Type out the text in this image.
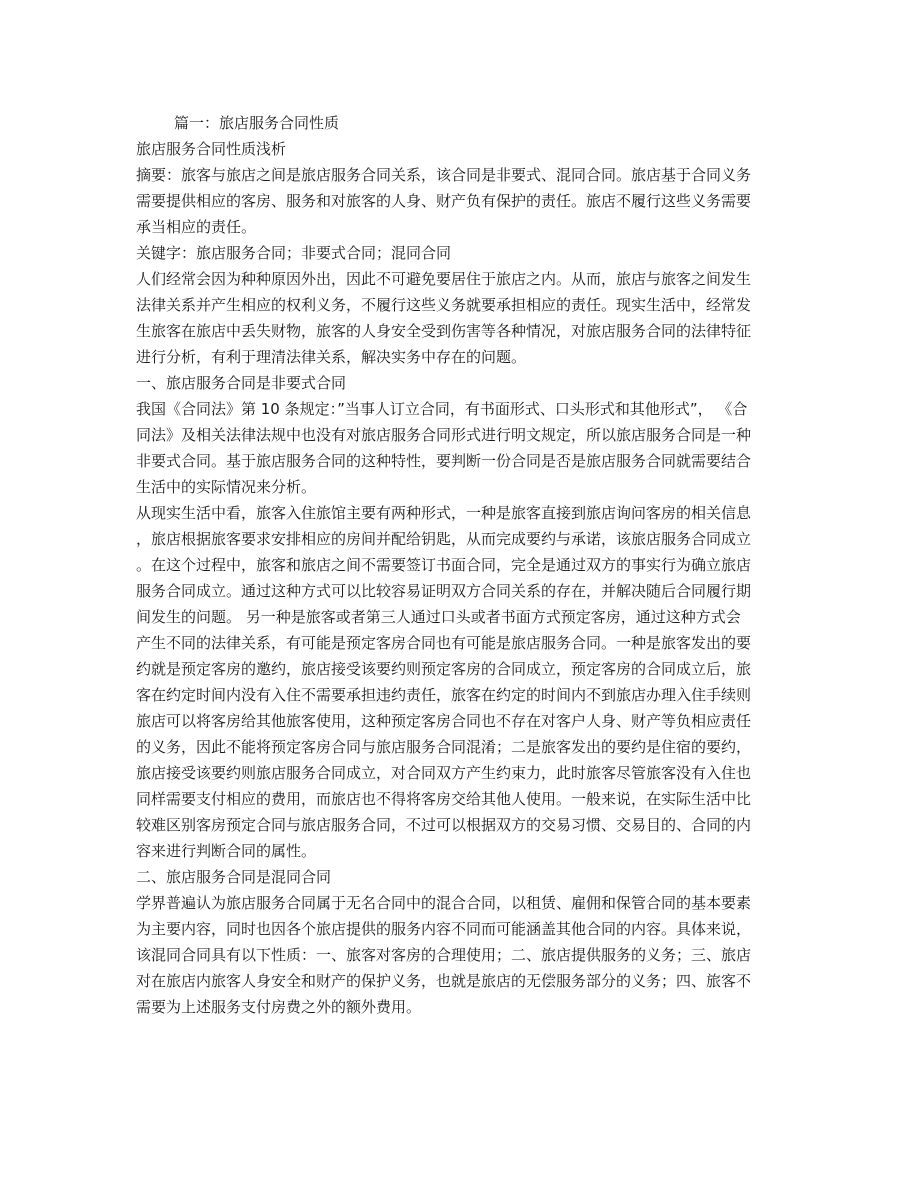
篇一：旅店服务合同性质

旅店服务合同性质浅析

摘要：旅客与旅店之间是旅店服务合同关系，该合同是非要式、混同合同。旅店基于合同义务
需要提供相应的客房、服务和对旅客的人身、财产负有保护的责任。旅店不履行这些义务需要
承当相应的责任。

关键字：旅店服务合同；非要式合同；混同合同

人们经常会因为种种原因外出，因此不可避免要居住于旅店之内。从而，旅店与旅客之间发生
法律关系并产生相应的权利义务，不履行这些义务就要承担相应的责任。现实生活中，经常发
生旅客在旅店中丢失财物，旅客的人身安全受到伤害等各种情况，对旅店服务合同的法律特征
进行分析，有利于理清法律关系，解决实务中存在的问题。

一、旅店服务合同是非要式合同

我国《合同法》第 10 条规定：”当事人订立合同，有书面形式、口头形式和其他形式”， 《合
同法》及相关法律法规中也没有对旅店服务合同形式进行明文规定，所以旅店服务合同是一种
非要式合同。基于旅店服务合同的这种特性，要判断一份合同是否是旅店服务合同就需要结合
生活中的实际情况来分析。

从现实生活中看，旅客入住旅馆主要有两种形式，一种是旅客直接到旅店询问客房的相关信息
，旅店根据旅客要求安排相应的房间并配给钥匙，从而完成要约与承诺，该旅店服务合同成立
。在这个过程中，旅客和旅店之间不需要签订书面合同，完全是通过双方的事实行为确立旅店
服务合同成立。通过这种方式可以比较容易证明双方合同关系的存在，并解决随后合同履行期
间发生的问题。 另一种是旅客或者第三人通过口头或者书面方式预定客房，通过这种方式会
产生不同的法律关系，有可能是预定客房合同也有可能是旅店服务合同。一种是旅客发出的要
约就是预定客房的邀约，旅店接受该要约则预定客房的合同成立，预定客房的合同成立后，旅
客在约定时间内没有入住不需要承担违约责任，旅客在约定的时间内不到旅店办理入住手续则
旅店可以将客房给其他旅客使用，这种预定客房合同也不存在对客户人身、财产等负相应责任
的义务，因此不能将预定客房合同与旅店服务合同混淆；二是旅客发出的要约是住宿的要约，
旅店接受该要约则旅店服务合同成立，对合同双方产生约束力，此时旅客尽管旅客没有入住也
同样需要支付相应的费用，而旅店也不得将客房交给其他人使用。一般来说，在实际生活中比
较难区别客房预定合同与旅店服务合同，不过可以根据双方的交易习惯、交易目的、合同的内
容来进行判断合同的属性。

二、旅店服务合同是混同合同

学界普遍认为旅店服务合同属于无名合同中的混合合同，以租赁、雇佣和保管合同的基本要素
为主要内容，同时也因各个旅店提供的服务内容不同而可能涵盖其他合同的内容。具体来说，
该混同合同具有以下性质：一、旅客对客房的合理使用；二、旅店提供服务的义务；三、旅店
对在旅店内旅客人身安全和财产的保护义务，也就是旅店的无偿服务部分的义务；四、旅客不
需要为上述服务支付房费之外的额外费用。
